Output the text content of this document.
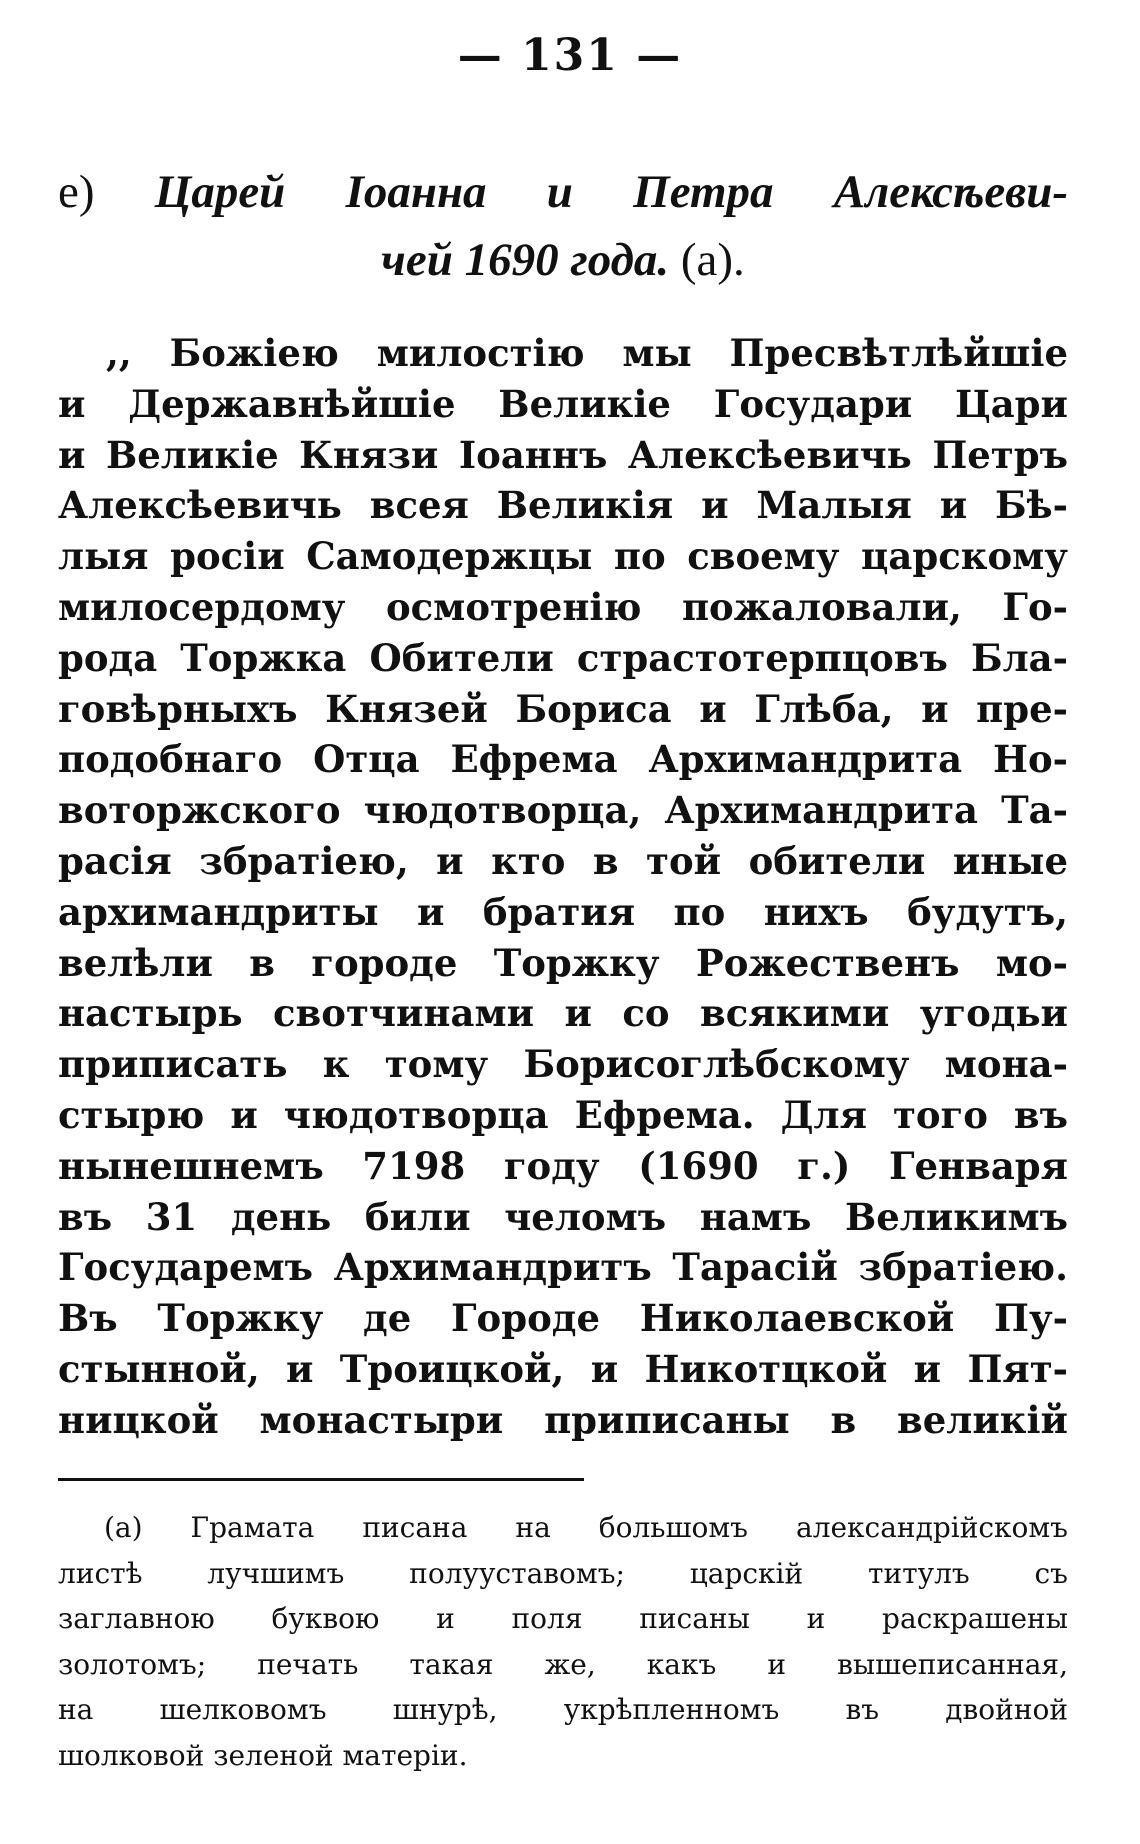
— 131 —
е) Царей Іоанна и Петра Алексѣеви-
чей 1690 года. (а).
,, Божіею милостію мы Пресвѣтлѣйшіе
и Державнѣйшіе Великіе Государи Цари
и Великіе Князи Іоаннъ Алексѣевичь Петръ
Алексѣевичь всея Великія и Малыя и Бѣ-
лыя росіи Самодержцы по своему царскому
милосердому осмотренію пожаловали, Го-
рода Торжка Обители страстотерпцовъ Бла-
говѣрныхъ Князей Бориса и Глѣба, и пре-
подобнаго Отца Ефрема Архимандрита Но-
воторжского чюдотворца, Архимандрита Та-
расія збратіею, и кто в той обители иные
архимандриты и братия по нихъ будутъ,
велѣли в городе Торжку Рожественъ мо-
настырь свотчинами и со всякими угодьи
приписать к тому Борисоглѣбскому мона-
стырю и чюдотворца Ефрема. Для того въ
нынешнемъ 7198 году (1690 г.) Генваря
въ 31 день били челомъ намъ Великимъ
Государемъ Архимандритъ Тарасій збратіею.
Въ Торжку де Городе Николаевской Пу-
стынной, и Троицкой, и Никотцкой и Пят-
ницкой монастыри приписаны в великій
(а) Грамата писана на большомъ александрійскомъ
листѣ лучшимъ полууставомъ; царскій титулъ съ
заглавною буквою и поля писаны и раскрашены
золотомъ; печать такая же, какъ и вышеписанная,
на шелковомъ шнурѣ, укрѣпленномъ въ двойной
шолковой зеленой матеріи.
